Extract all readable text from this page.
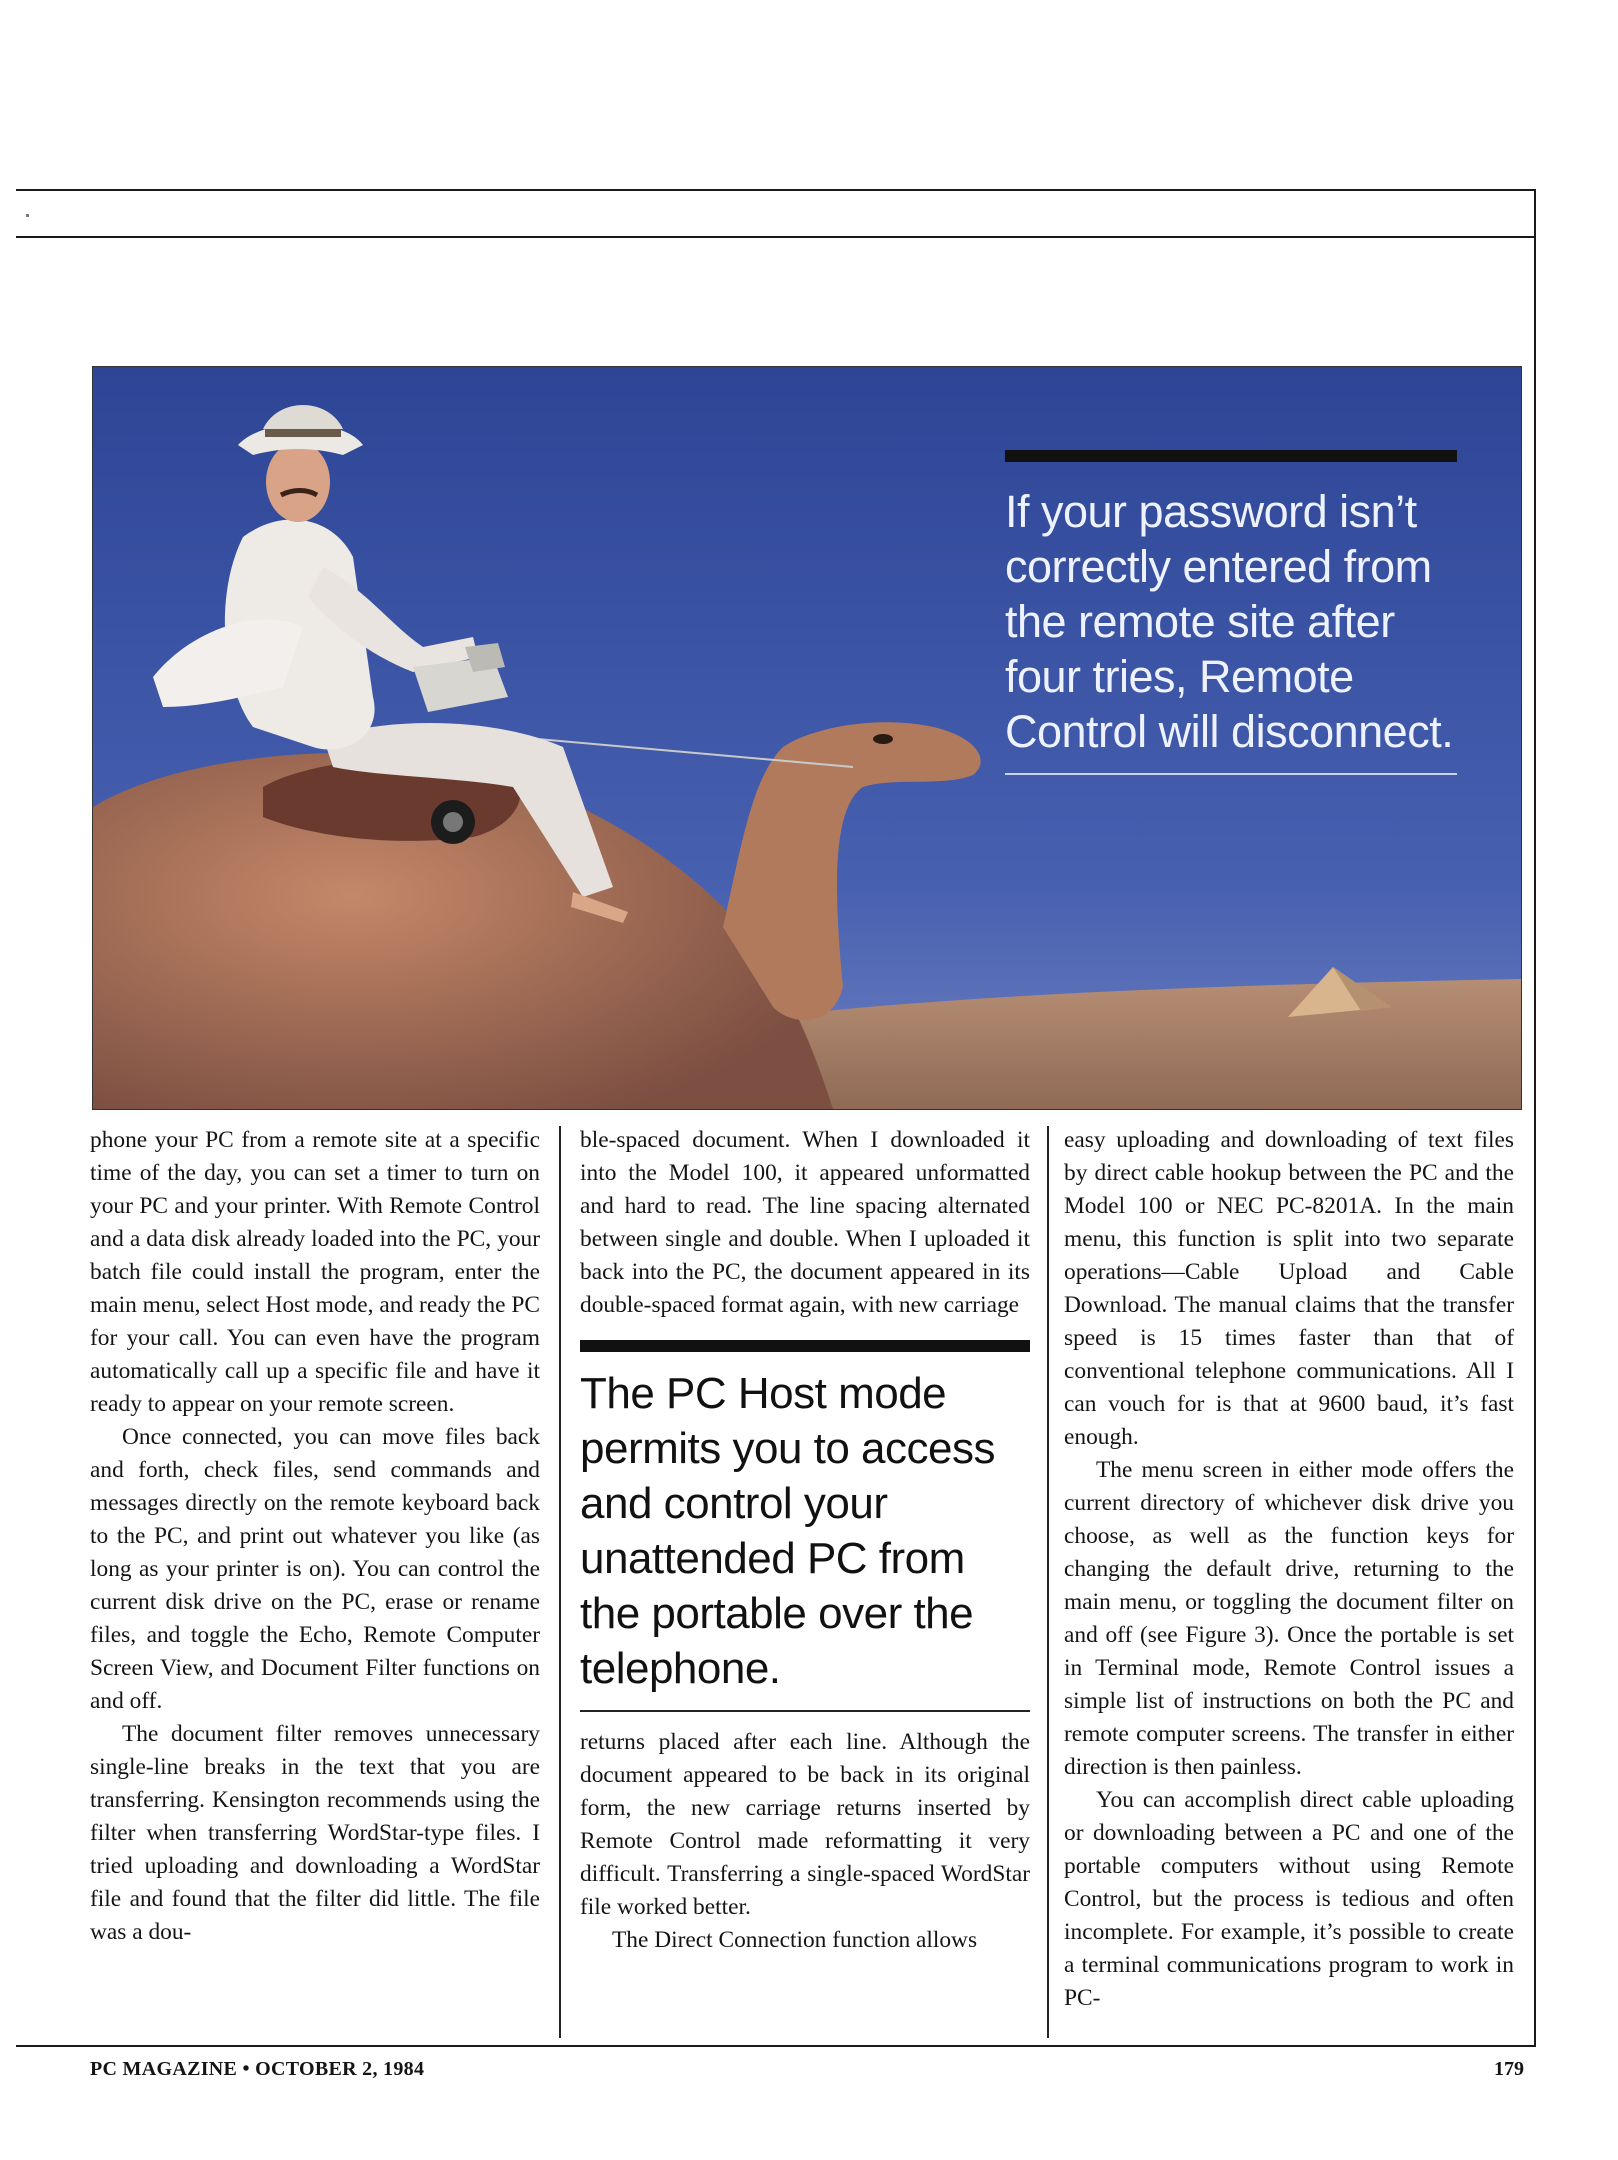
If your password isn’t correctly entered from the remote site after four tries, Remote Control will disconnect.

phone your PC from a remote site at a specific time of the day, you can set a timer to turn on your PC and your printer. With Remote Control and a data disk already loaded into the PC, your batch file could install the program, enter the main menu, select Host mode, and ready the PC for your call. You can even have the program automatically call up a specific file and have it ready to appear on your remote screen.

Once connected, you can move files back and forth, check files, send commands and messages directly on the remote keyboard back to the PC, and print out whatever you like (as long as your printer is on). You can control the current disk drive on the PC, erase or rename files, and toggle the Echo, Remote Computer Screen View, and Document Filter functions on and off.

The document filter removes unnecessary single-line breaks in the text that you are transferring. Kensington recommends using the filter when transferring WordStar-type files. I tried uploading and downloading a WordStar file and found that the filter did little. The file was a dou-

ble-spaced document. When I downloaded it into the Model 100, it appeared unformatted and hard to read. The line spacing alternated between single and double. When I uploaded it back into the PC, the document appeared in its double-spaced format again, with new carriage

The PC Host mode permits you to access and control your unattended PC from the portable over the telephone.

returns placed after each line. Although the document appeared to be back in its original form, the new carriage returns inserted by Remote Control made reformatting it very difficult. Transferring a single-spaced WordStar file worked better.

The Direct Connection function allows

easy uploading and downloading of text files by direct cable hookup between the PC and the Model 100 or NEC PC-8201A. In the main menu, this function is split into two separate operations—Cable Upload and Cable Download. The manual claims that the transfer speed is 15 times faster than that of conventional telephone communications. All I can vouch for is that at 9600 baud, it’s fast enough.

The menu screen in either mode offers the current directory of whichever disk drive you choose, as well as the function keys for changing the default drive, returning to the main menu, or toggling the document filter on and off (see Figure 3). Once the portable is set in Terminal mode, Remote Control issues a simple list of instructions on both the PC and remote computer screens. The transfer in either direction is then painless.

You can accomplish direct cable uploading or downloading between a PC and one of the portable computers without using Remote Control, but the process is tedious and often incomplete. For example, it’s possible to create a terminal communications program to work in PC-

PC MAGAZINE • OCTOBER 2, 1984	179
